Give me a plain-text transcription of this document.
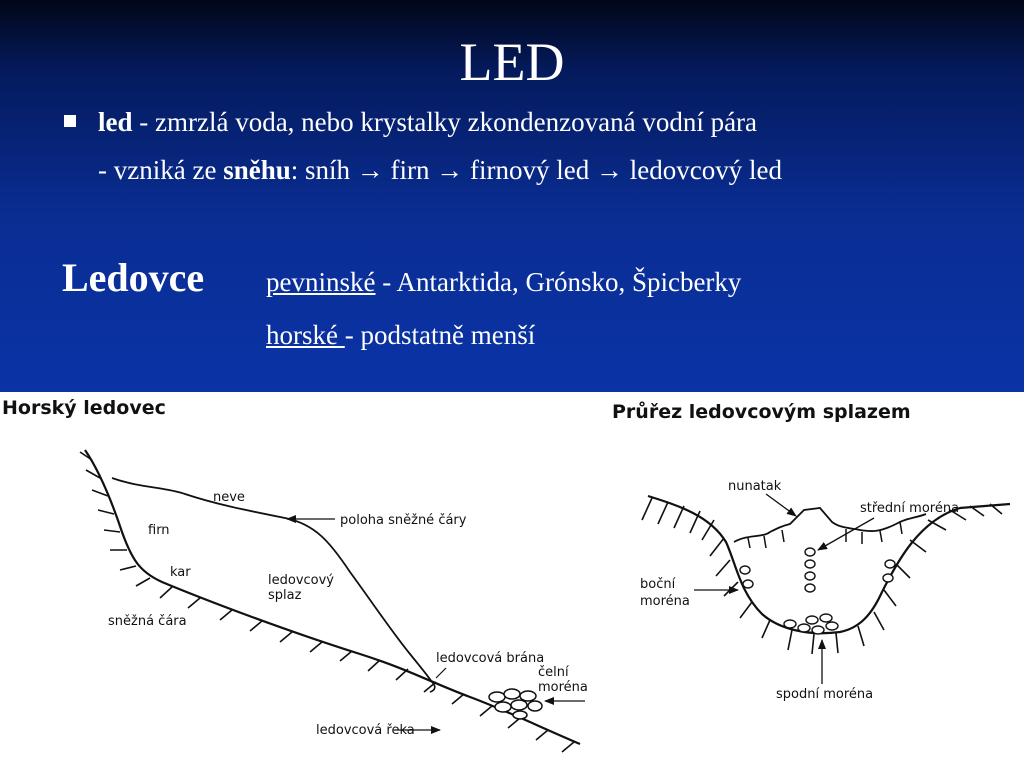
LED
led - zmrzlá voda, nebo krystalky zkondenzovaná vodní pára
- vzniká ze sněhu: sníh → firn → firnový led → ledovcový led
Ledovce pevninské - Antarktida, Grónsko, Špicberky
horské - podstatně menší
Horský ledovec
neve
poloha sněžné čáry
firn
kar
ledovcový
splaz
sněžná čára
ledovcová brána
čelní
moréna
ledovcová řeka
Průřez ledovcovým splazem
nunatak
střední moréna
boční
moréna
spodní moréna
